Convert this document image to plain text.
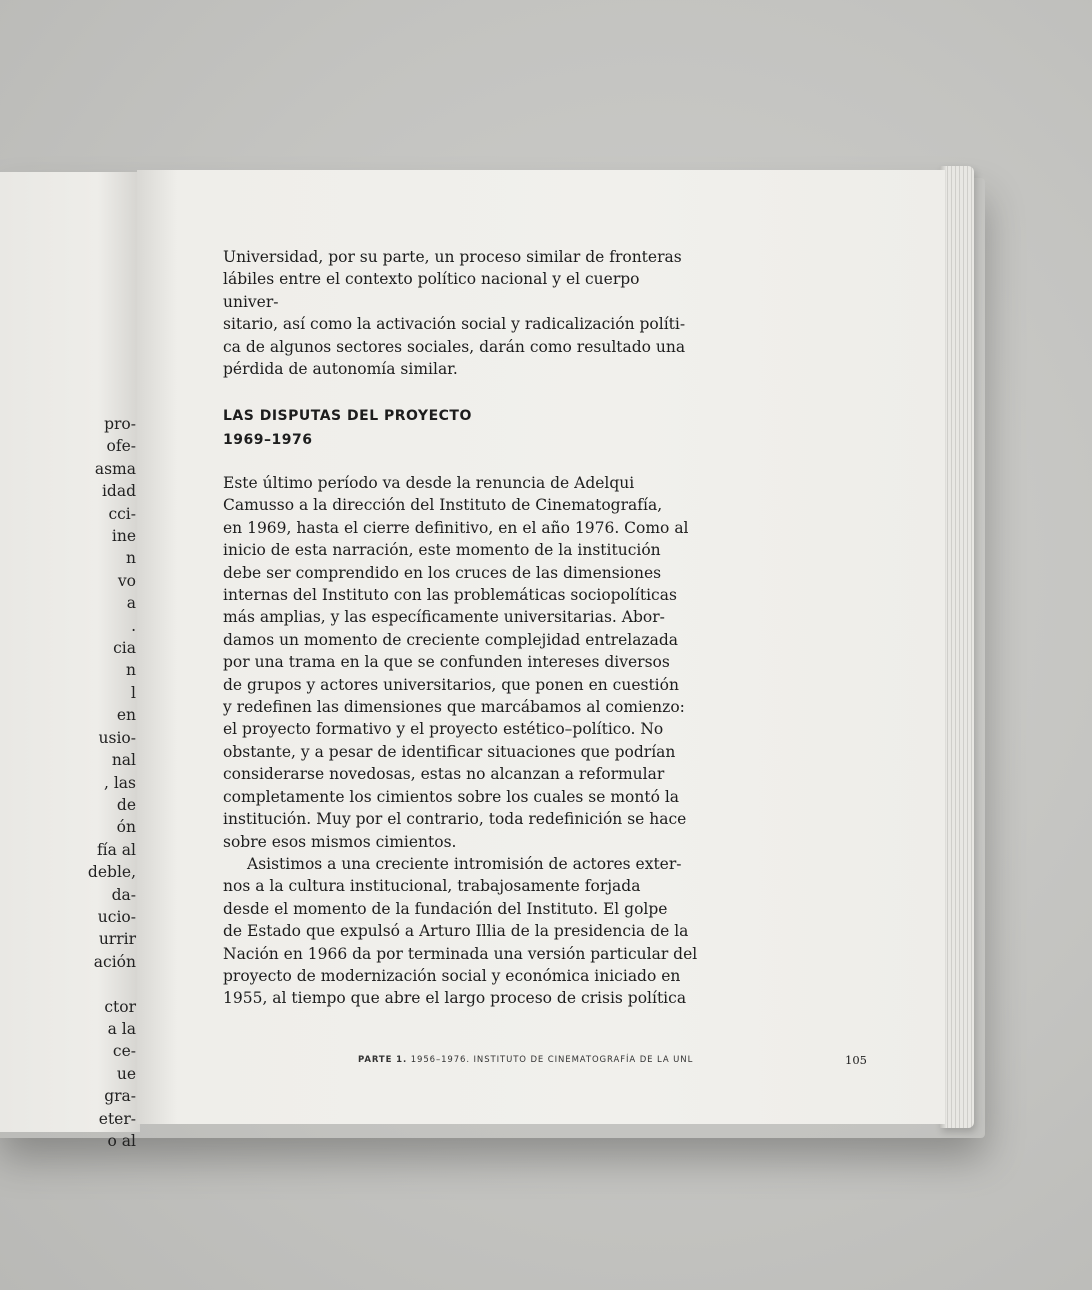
pro-
ofe-
asma
idad
cci-
ine
n
vo
a
.
cia
n
l
en
usio-
nal
, las
de
ón
fía al
deble,
da-
ucio-
urrir
ación

ctor
a la
ce-
ue
gra-
eter-
o al

Universidad, por su parte, un proceso similar de fronteras
lábiles entre el contexto político nacional y el cuerpo univer-
sitario, así como la activación social y radicalización políti-
ca de algunos sectores sociales, darán como resultado una
pérdida de autonomía similar.

LAS DISPUTAS DEL PROYECTO
1969–1976

Este último período va desde la renuncia de Adelqui
Camusso a la dirección del Instituto de Cinematografía,
en 1969, hasta el cierre definitivo, en el año 1976. Como al
inicio de esta narración, este momento de la institución
debe ser comprendido en los cruces de las dimensiones
internas del Instituto con las problemáticas sociopolíticas
más amplias, y las específicamente universitarias. Abor-
damos un momento de creciente complejidad entrelazada
por una trama en la que se confunden intereses diversos
de grupos y actores universitarios, que ponen en cuestión
y redefinen las dimensiones que marcábamos al comienzo:
el proyecto formativo y el proyecto estético–político. No
obstante, y a pesar de identificar situaciones que podrían
considerarse novedosas, estas no alcanzan a reformular
completamente los cimientos sobre los cuales se montó la
institución. Muy por el contrario, toda redefinición se hace
sobre esos mismos cimientos.

Asistimos a una creciente intromisión de actores exter-
nos a la cultura institucional, trabajosamente forjada
desde el momento de la fundación del Instituto. El golpe
de Estado que expulsó a Arturo Illia de la presidencia de la
Nación en 1966 da por terminada una versión particular del
proyecto de modernización social y económica iniciado en
1955, al tiempo que abre el largo proceso de crisis política

PARTE 1. 1956–1976. INSTITUTO DE CINEMATOGRAFÍA DE LA UNL	105
